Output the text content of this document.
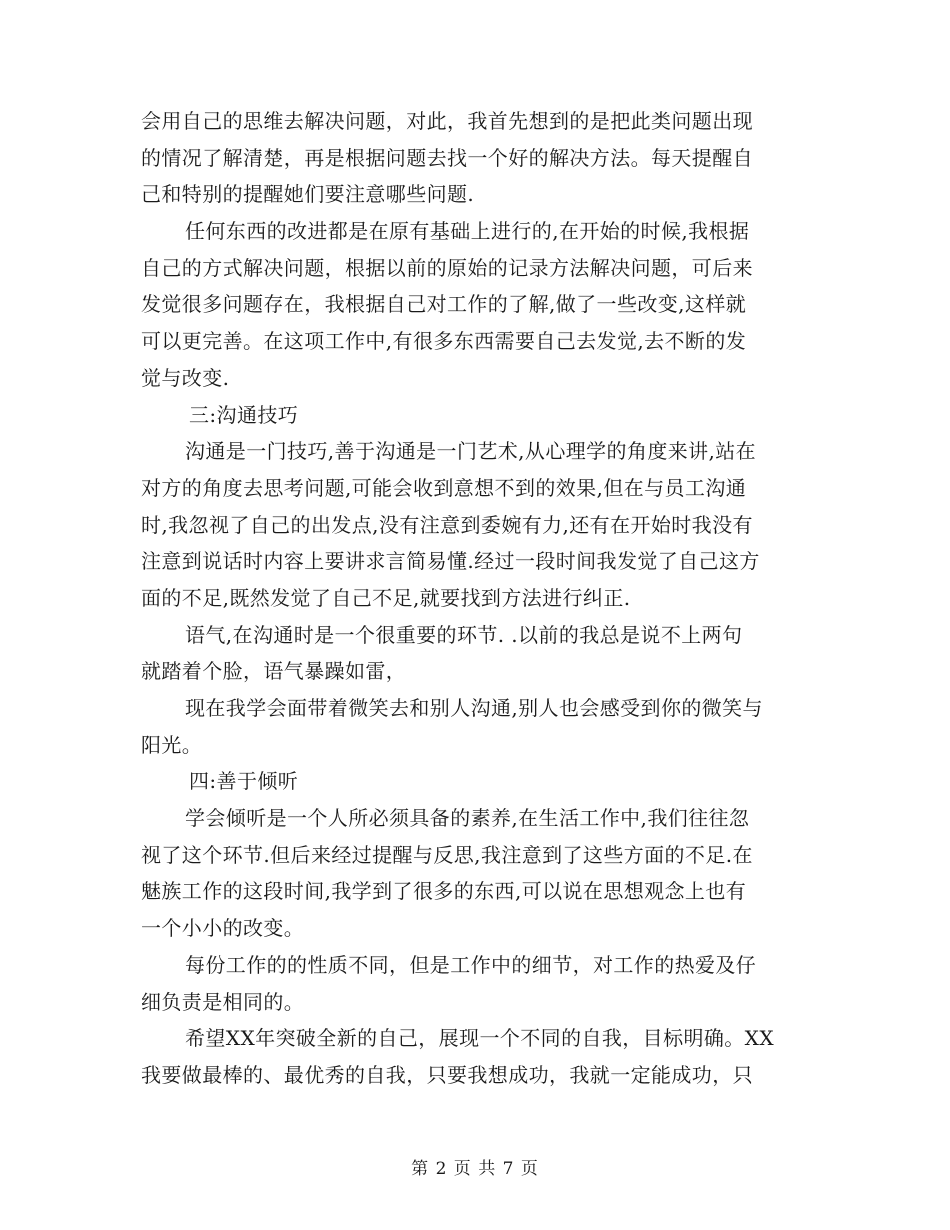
会用自己的思维去解决问题，对此，我首先想到的是把此类问题出现
的情况了解清楚，再是根据问题去找一个好的解决方法。每天提醒自
己和特别的提醒她们要注意哪些问题.
任何东西的改进都是在原有基础上进行的,在开始的时候,我根据
自己的方式解决问题，根据以前的原始的记录方法解决问题，可后来
发觉很多问题存在，我根据自己对工作的了解,做了一些改变,这样就
可以更完善。在这项工作中,有很多东西需要自己去发觉,去不断的发
觉与改变.
三:沟通技巧
沟通是一门技巧,善于沟通是一门艺术,从心理学的角度来讲,站在
对方的角度去思考问题,可能会收到意想不到的效果,但在与员工沟通
时,我忽视了自己的出发点,没有注意到委婉有力,还有在开始时我没有
注意到说话时内容上要讲求言简易懂.经过一段时间我发觉了自己这方
面的不足,既然发觉了自己不足,就要找到方法进行纠正.
语气,在沟通时是一个很重要的环节. .以前的我总是说不上两句
就踏着个脸，语气暴躁如雷，
现在我学会面带着微笑去和别人沟通,别人也会感受到你的微笑与
阳光。
四:善于倾听
学会倾听是一个人所必须具备的素养,在生活工作中,我们往往忽
视了这个环节.但后来经过提醒与反思,我注意到了这些方面的不足.在
魅族工作的这段时间,我学到了很多的东西,可以说在思想观念上也有
一个小小的改变。
每份工作的的性质不同，但是工作中的细节，对工作的热爱及仔
细负责是相同的。
希望XX年突破全新的自己，展现一个不同的自我，目标明确。XX
我要做最棒的、最优秀的自我，只要我想成功，我就一定能成功，只
第 2 页 共 7 页
